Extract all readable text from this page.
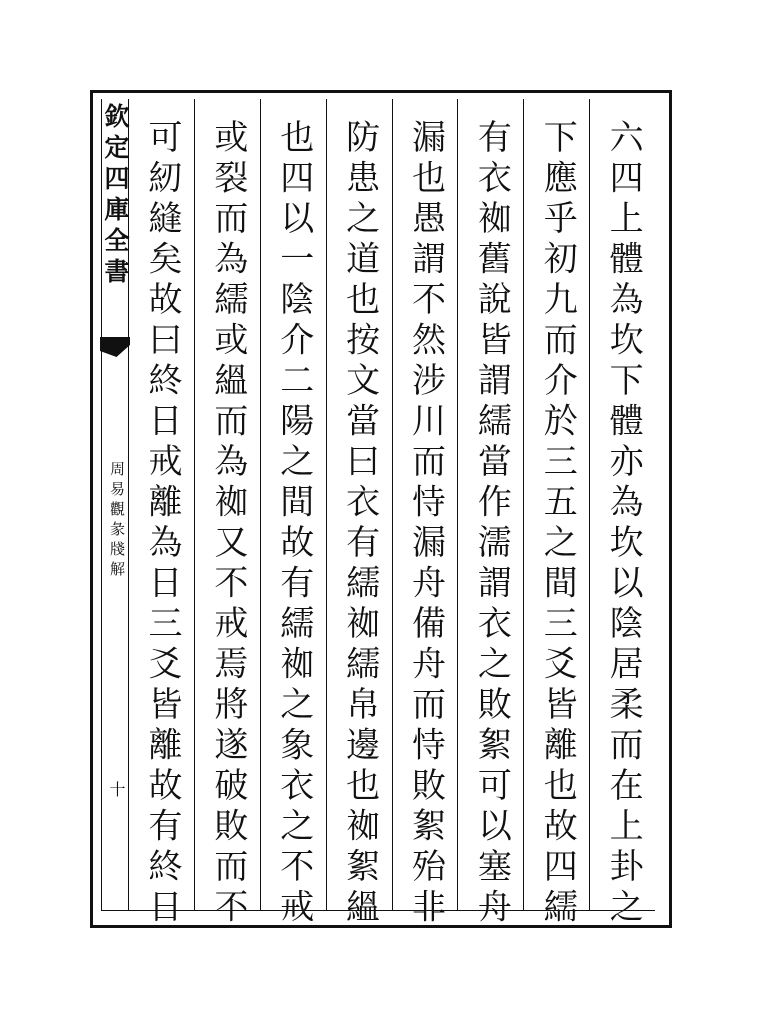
欽定四庫全書
周易觀彖牋解
十	六四上體為坎下體亦為坎以陰居柔而在上卦之
下應乎初九而介於三五之間三爻皆離也故四繻
有衣袽舊說皆謂繻當作濡謂衣之敗絮可以塞舟
漏也愚謂不然涉川而恃漏舟備舟而恃敗絮殆非
防患之道也按文當曰衣有繻袽繻帛邊也袽絮縕
也四以一陰介二陽之間故有繻袽之象衣之不戒
或裂而為繻或縕而為袽又不戒焉將遂破敗而不
可紉縫矣故曰終日戒離為日三爻皆離故有終日
